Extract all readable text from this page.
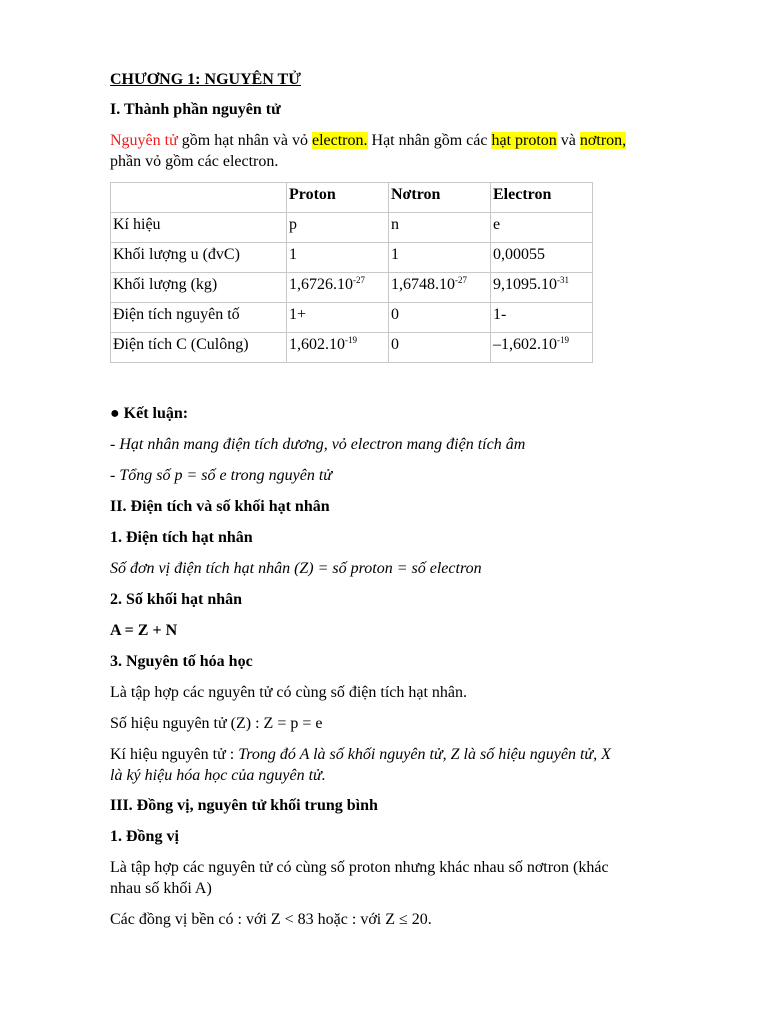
CHƯƠNG 1: NGUYÊN TỬ
I. Thành phần nguyên tử
Nguyên tử gồm hạt nhân và vỏ electron. Hạt nhân gồm các hạt proton và nơtron,
phần vỏ gồm các electron.
	Proton	Nơtron	Electron
Kí hiệu	p	n	e
Khối lượng u (đvC)	1	1	0,00055
Khối lượng (kg)	$1,6726.10^{-27}$	$1,6748.10^{-27}$	$9,1095.10^{-31}$
Điện tích nguyên tố	1+	0	1-
Điện tích C (Culông)	$1,602.10^{-19}$	0	$-1,602.10^{-19}$
● Kết luận:
- Hạt nhân mang điện tích dương, vỏ electron mang điện tích âm
- Tổng số p = số e trong nguyên tử
II. Điện tích và số khối hạt nhân
1. Điện tích hạt nhân
Số đơn vị điện tích hạt nhân (Z) = số proton = số electron
2. Số khối hạt nhân
A = Z + N
3. Nguyên tố hóa học
Là tập hợp các nguyên tử có cùng số điện tích hạt nhân.
Số hiệu nguyên tử (Z) : Z = p = e
Kí hiệu nguyên tử : Trong đó A là số khối nguyên tử, Z là số hiệu nguyên tử, X
là ký hiệu hóa học của nguyên tử.
III. Đồng vị, nguyên tử khối trung bình
1. Đồng vị
Là tập hợp các nguyên tử có cùng số proton nhưng khác nhau số nơtron (khác
nhau số khối A)
Các đồng vị bền có : với Z < 83 hoặc : với Z ≤ 20.
